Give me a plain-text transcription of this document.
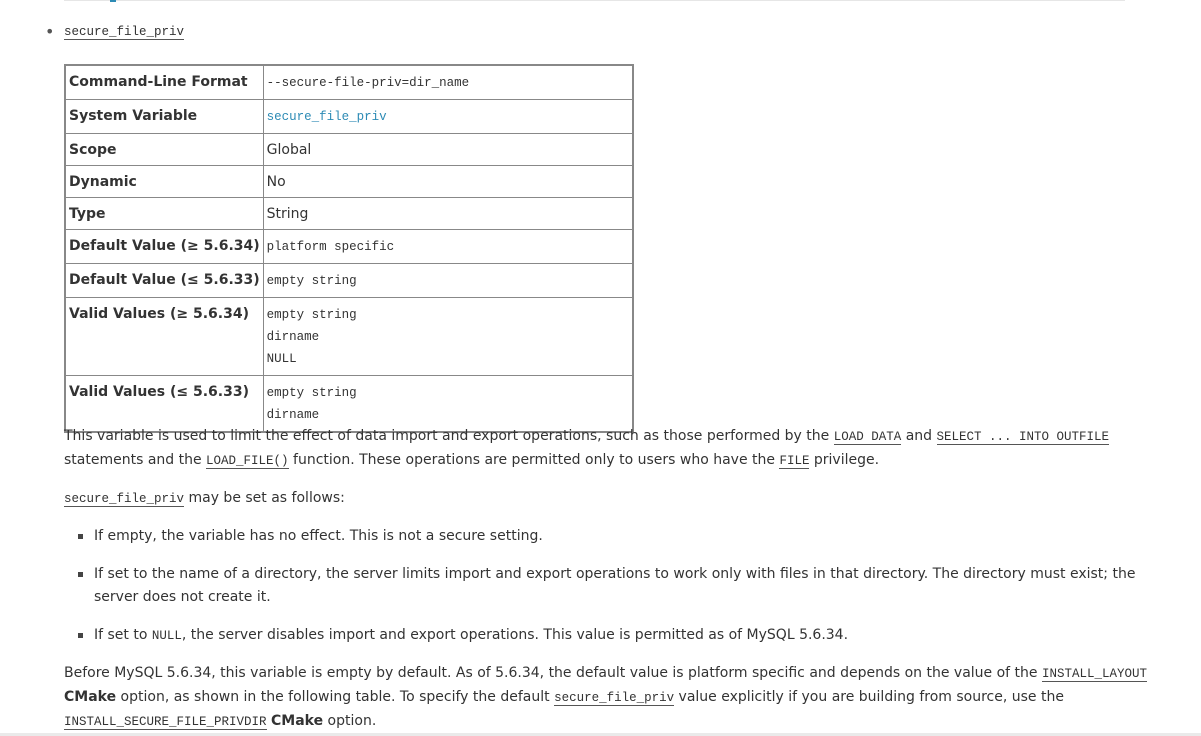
• secure_file_priv
Command-Line Format	--secure-file-priv=dir_name

System Variable	secure_file_priv

Scope	Global
Dynamic	No
Type	String
Default Value (≥ 5.6.34)	platform specific

Default Value (≤ 5.6.33)	empty string

Valid Values (≥ 5.6.34)	empty string
dirname
NULL

Valid Values (≤ 5.6.33)	empty string
dirname

This variable is used to limit the effect of data import and export operations, such as those performed by the LOAD DATA and SELECT ... INTO OUTFILE statements and the LOAD_FILE() function. These operations are permitted only to users who have the FILE privilege.

secure_file_priv may be set as follows:

If empty, the variable has no effect. This is not a secure setting.
If set to the name of a directory, the server limits import and export operations to work only with files in that directory. The directory must exist; the server does not create it.
If set to NULL, the server disables import and export operations. This value is permitted as of MySQL 5.6.34.

Before MySQL 5.6.34, this variable is empty by default. As of 5.6.34, the default value is platform specific and depends on the value of the INSTALL_LAYOUT CMake option, as shown in the following table. To specify the default secure_file_priv value explicitly if you are building from source, use the INSTALL_SECURE_FILE_PRIVDIR CMake option.
